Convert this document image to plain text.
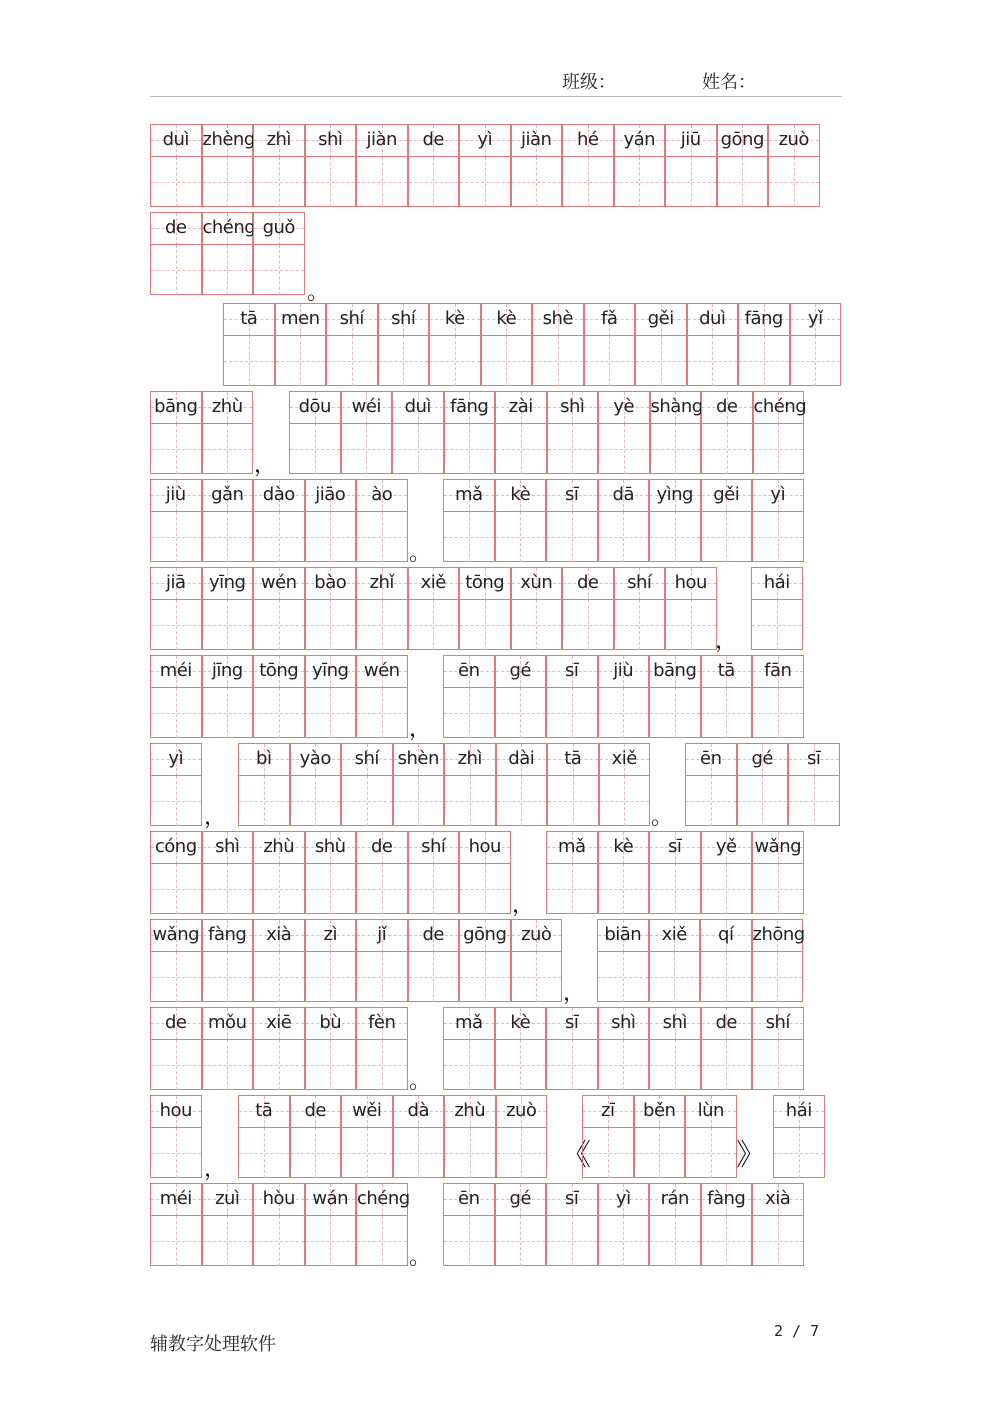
班级：	姓名：
duì zhèng zhì	shì	jiàn	de	yì	jiàn	hé	yán	jiū	gōng zuò
de chéng guǒ
。
tā	men	shí	shí	kè	kè	shè	fǎ	gěi	duì	fāng	yǐ
bāng zhù
，
dōu	wéi	duì	fāng	zài	shì	yè shàng de chéng
jiù	gǎn	dào	jiāo	ào
。
mǎ	kè	sī	dā	yìng	gěi	yì
jiā	yīng wén bào	zhǐ	xiě	tōng xùn	de	shí	hou
，
hái
méi	jīng tōng yīng wén
，
ēn	gé	sī	jiù	bāng	tā	fān
yì
，
bì	yào	shí	shèn	zhì	dài	tā	xiě
。
ēn	gé	sī
cóng	shì	zhù	shù	de	shí	hou
，
mǎ	kè	sī	yě wǎng
wǎng fàng	xià	zì	jǐ	de	gōng zuò
，
biān	xiě	qí	zhōng
de	mǒu	xiē	bù	fèn
。
mǎ	kè	sī	shì	shì	de	shí
hou
，
tā	de	wěi	dà	zhù	zuò
《
zī	běn	lùn
》
hái
méi	zuì	hòu wán chéng
。
ēn	gé	sī	yì	rán	fàng	xià
辅教字处理软件
2 / 7
